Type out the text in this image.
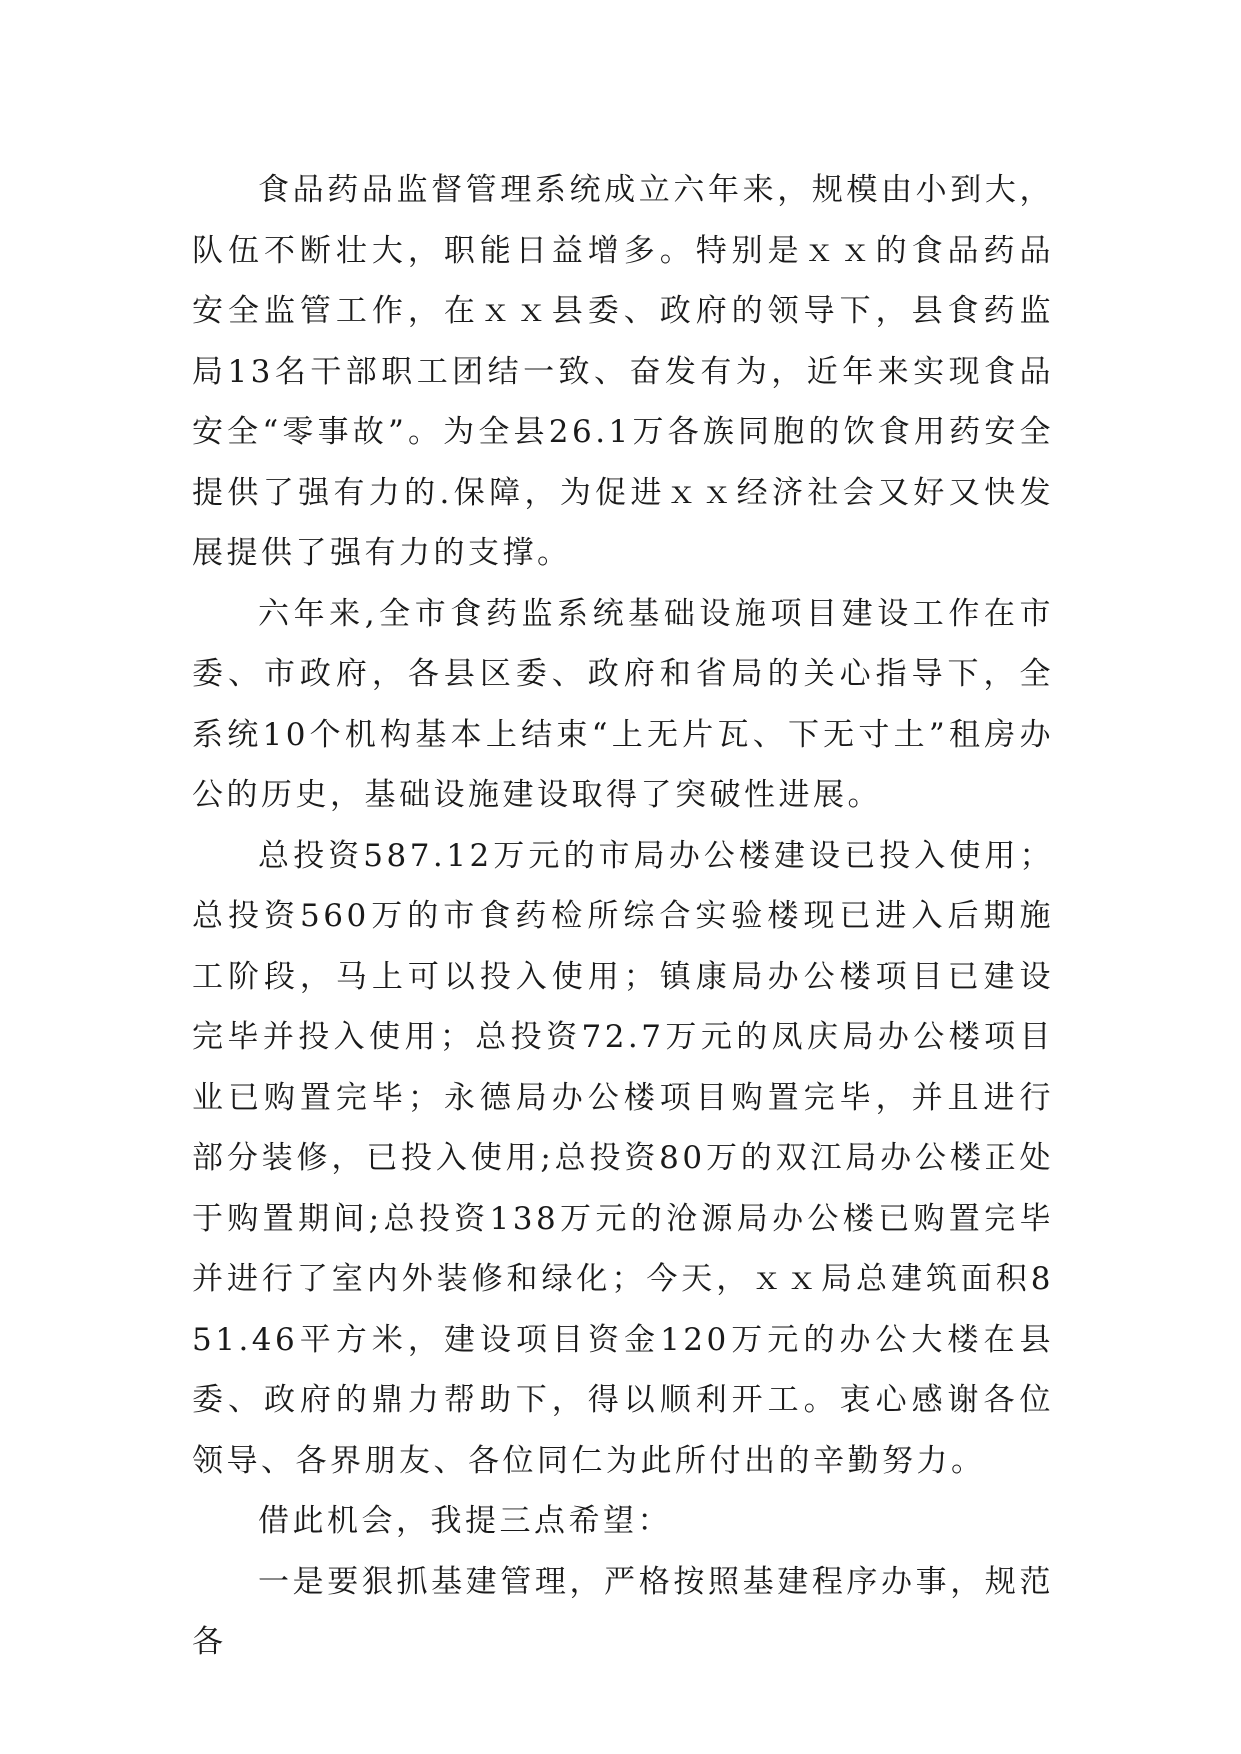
食品药品监督管理系统成立六年来，规模由小到大，队伍不断壮大，职能日益增多。特别是ｘｘ的食品药品安全监管工作，在ｘｘ县委、政府的领导下，县食药监局13名干部职工团结一致、奋发有为，近年来实现食品安全“零事故”。为全县26.1万各族同胞的饮食用药安全提供了强有力的.保障，为促进ｘｘ经济社会又好又快发展提供了强有力的支撑。

六年来,全市食药监系统基础设施项目建设工作在市委、市政府，各县区委、政府和省局的关心指导下，全系统10个机构基本上结束“上无片瓦、下无寸土”租房办公的历史，基础设施建设取得了突破性进展。

总投资587.12万元的市局办公楼建设已投入使用；总投资560万的市食药检所综合实验楼现已进入后期施工阶段，马上可以投入使用；镇康局办公楼项目已建设完毕并投入使用；总投资72.7万元的凤庆局办公楼项目业已购置完毕；永德局办公楼项目购置完毕，并且进行部分装修，已投入使用;总投资80万的双江局办公楼正处于购置期间;总投资138万元的沧源局办公楼已购置完毕并进行了室内外装修和绿化；今天，ｘｘ局总建筑面积851.46平方米，建设项目资金120万元的办公大楼在县委、政府的鼎力帮助下，得以顺利开工。衷心感谢各位领导、各界朋友、各位同仁为此所付出的辛勤努力。

借此机会，我提三点希望：

一是要狠抓基建管理，严格按照基建程序办事，规范各
